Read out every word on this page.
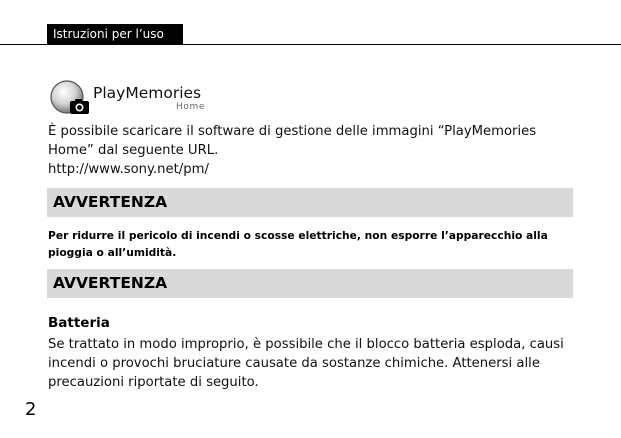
Istruzioni per l’uso
PlayMemories
Home

È possibile scaricare il software di gestione delle immagini “PlayMemories

Home” dal seguente URL.

http://www.sony.net/pm/

AVVERTENZA

Per ridurre il pericolo di incendi o scosse elettriche, non esporre l’apparecchio alla

pioggia o all’umidità.

AVVERTENZA
Batteria

Se trattato in modo improprio, è possibile che il blocco batteria esploda, causi

incendi o provochi bruciature causate da sostanze chimiche. Attenersi alle

precauzioni riportate di seguito.

2
